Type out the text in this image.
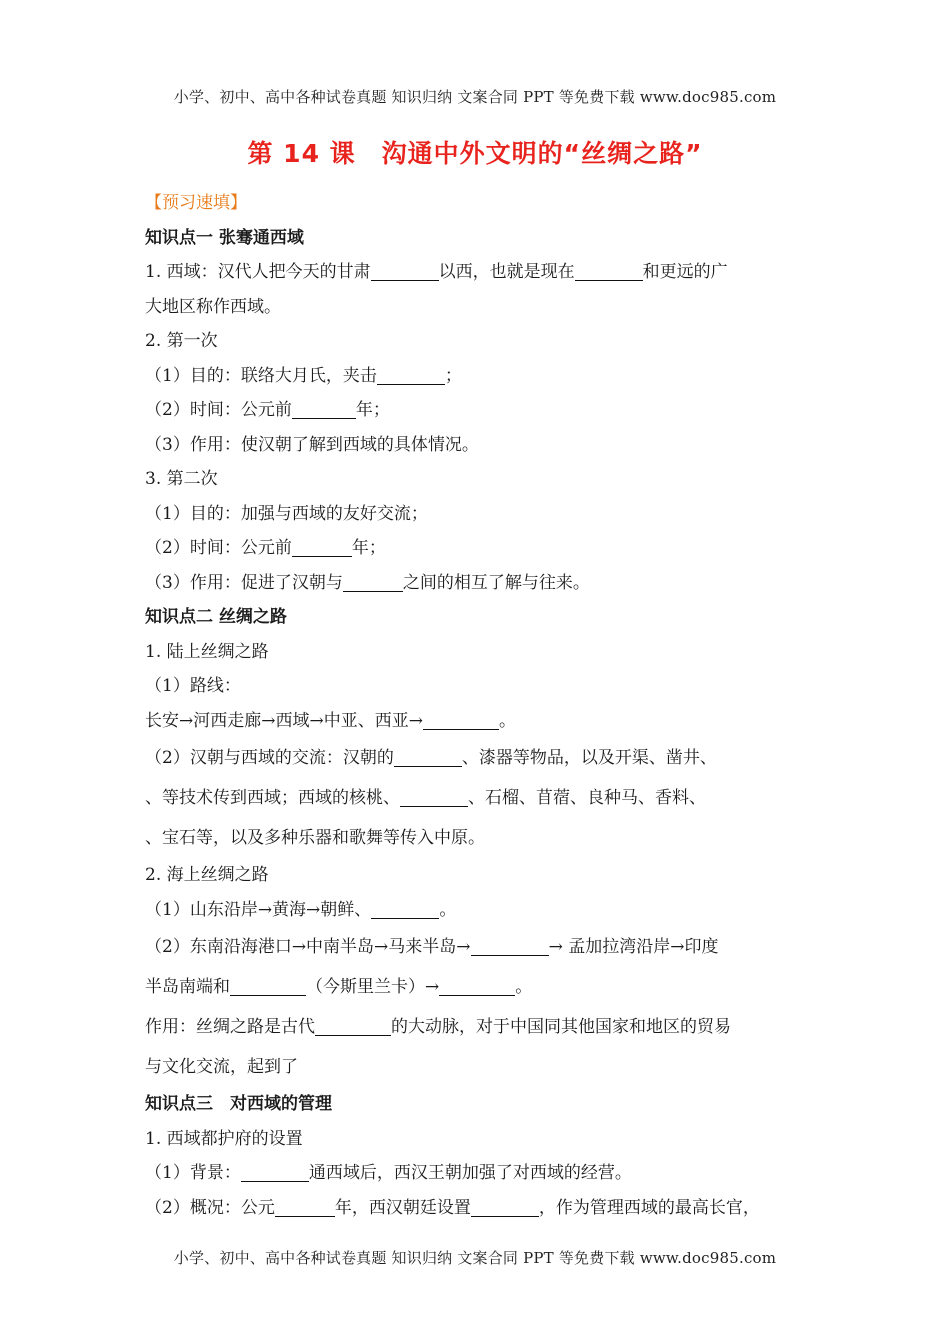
小学、初中、高中各种试卷真题 知识归纳 文案合同 PPT 等免费下载 www.doc985.com
第 14 课　沟通中外文明的“丝绸之路”
【预习速填】
知识点一 张骞通西域
1. 西域：汉代人把今天的甘肃	以西，也就是现在	和更远的广
大地区称作西域。
2. 第一次
（1）目的：联络大月氏，夹击	；
（2）时间：公元前	年；
（3）作用：使汉朝了解到西域的具体情况。
3. 第二次
（1）目的：加强与西域的友好交流；
（2）时间：公元前	年；
（3）作用：促进了汉朝与	之间的相互了解与往来。
知识点二 丝绸之路
1. 陆上丝绸之路
（1）路线：
长安→河西走廊→西域→中亚、西亚→	。
（2）汉朝与西域的交流：汉朝的	、漆器等物品，以及开渠、凿井、
、等技术传到西域；西域的核桃、	、石榴、苜蓿、良种马、香料、
、宝石等，以及多种乐器和歌舞等传入中原。
2. 海上丝绸之路
（1）山东沿岸→黄海→朝鲜、	。
（2）东南沿海港口→中南半岛→马来半岛→	→ 孟加拉湾沿岸→印度
半岛南端和	（今斯里兰卡）→	。
作用：丝绸之路是古代	的大动脉，对于中国同其他国家和地区的贸易
与文化交流，起到了
知识点三　对西域的管理
1. 西域都护府的设置
（1）背景：	通西域后，西汉王朝加强了对西域的经营。
（2）概况：公元	年，西汉朝廷设置	，作为管理西域的最高长官，
小学、初中、高中各种试卷真题 知识归纳 文案合同 PPT 等免费下载 www.doc985.com
